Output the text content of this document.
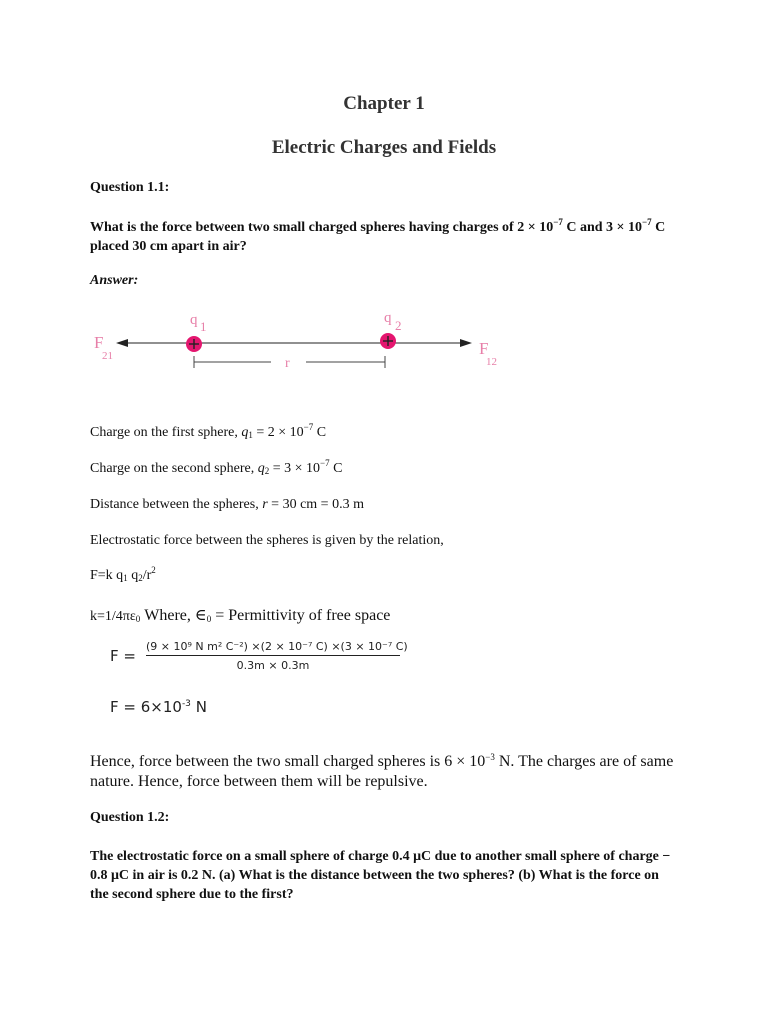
Chapter 1

Electric Charges and Fields

Question 1.1:

What is the force between two small charged spheres having charges of $2 \times 10^{-7}$ C and $3 \times 10^{-7}$ C placed 30 cm apart in air?

Answer:

F
21	F
12
q 1
q 2
r

Charge on the first sphere, $q_1 = 2 \times 10^{-7}$ C

Charge on the second sphere, $q_2 = 3 \times 10^{-7}$ C

Distance between the spheres, r = 30 cm = 0.3 m

Electrostatic force between the spheres is given by the relation,

F=k $q_1$ $q_2/r^2$

$k=1/4\pi\varepsilon_0$ Where, $\in_0$ = Permittivity of free space

$F = \frac{\text{(9 × 10⁹ N m² C⁻²) ×(2 × 10⁻⁷ C) ×(3 × 10⁻⁷ C)}}{0.3m \times 0.3m}$
$F = 6\times 10^{-3}$ N

Hence, force between the two small charged spheres is $6 \times 10^{-3}$ N. The charges are of same nature. Hence, force between them will be repulsive.

Question 1.2:

The electrostatic force on a small sphere of charge 0.4 μC due to another small sphere of charge − 0.8 μC in air is 0.2 N. (a) What is the distance between the two spheres? (b) What is the force on the second sphere due to the first?
